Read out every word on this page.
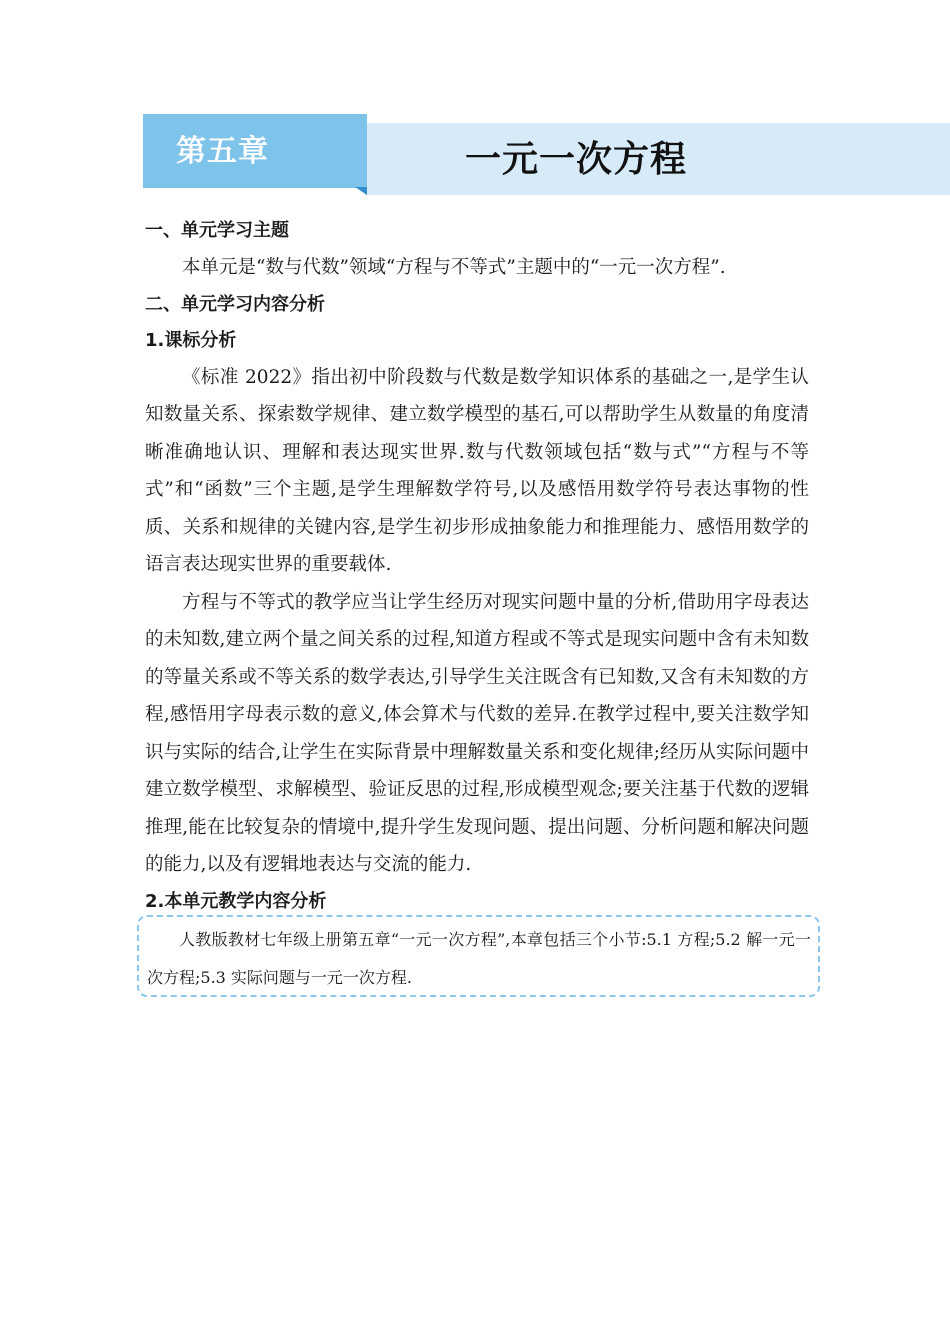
第五章	一元一次方程
一、单元学习主题

本单元是“数与代数”领域“方程与不等式”主题中的“一元一次方程”.

二、单元学习内容分析
1.课标分析

《标准 2022》指出初中阶段数与代数是数学知识体系的基础之一,是学生认知数量关系、探索数学规律、建立数学模型的基石,可以帮助学生从数量的角度清晰准确地认识、理解和表达现实世界.数与代数领域包括“数与式”“方程与不等式”和“函数”三个主题,是学生理解数学符号,以及感悟用数学符号表达事物的性质、关系和规律的关键内容,是学生初步形成抽象能力和推理能力、感悟用数学的语言表达现实世界的重要载体.

方程与不等式的教学应当让学生经历对现实问题中量的分析,借助用字母表达的未知数,建立两个量之间关系的过程,知道方程或不等式是现实问题中含有未知数的等量关系或不等关系的数学表达,引导学生关注既含有已知数,又含有未知数的方程,感悟用字母表示数的意义,体会算术与代数的差异.在教学过程中,要关注数学知识与实际的结合,让学生在实际背景中理解数量关系和变化规律;经历从实际问题中建立数学模型、求解模型、验证反思的过程,形成模型观念;要关注基于代数的逻辑推理,能在比较复杂的情境中,提升学生发现问题、提出问题、分析问题和解决问题的能力,以及有逻辑地表达与交流的能力.

2.本单元教学内容分析

人教版教材七年级上册第五章“一元一次方程”,本章包括三个小节:5.1 方程;5.2 解一元一次方程;5.3 实际问题与一元一次方程.
